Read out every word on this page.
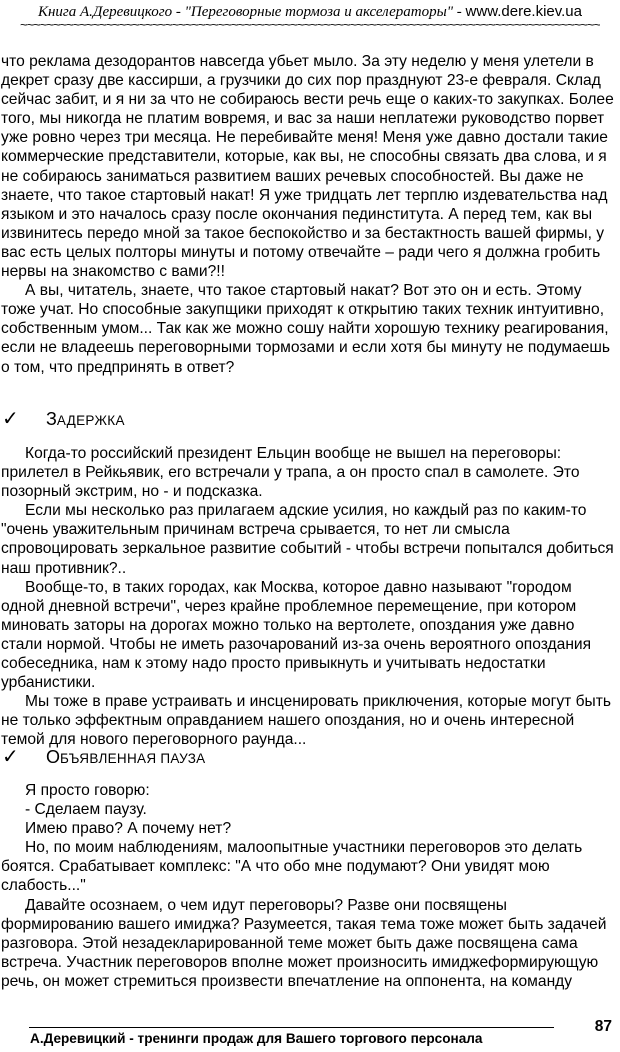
Книга А.Деревицкого - "Переговорные тормоза и акселераторы" - www.dere.kiev.ua
~~~~~~~~~~~~~~~~~~~~~~~~~~~~~~~~~~~~~~~~~~~~~~~~~~~~~~~~~~~~~~~~~~~~~~~~~~~~~~~~~~~~~~~~

что реклама дезодорантов навсегда убьет мыло. За эту неделю у меня улетели в декрет сразу две кассирши, а грузчики до сих пор празднуют 23-е февраля. Склад сейчас забит, и я ни за что не собираюсь вести речь еще о каких-то закупках. Более того, мы никогда не платим вовремя, и вас за наши неплатежи руководство порвет уже ровно через три месяца. Не перебивайте меня! Меня уже давно достали такие коммерческие представители, которые, как вы, не способны связать два слова, и я не собираюсь заниматься развитием ваших речевых способностей. Вы даже не знаете, что такое стартовый накат! Я уже тридцать лет терплю издевательства над языком и это началось сразу после окончания пединститута. А перед тем, как вы извинитесь передо мной за такое беспокойство и за бестактность вашей фирмы, у вас есть целых полторы минуты и потому отвечайте – ради чего я должна гробить нервы на знакомство с вами?!!

А вы, читатель, знаете, что такое стартовый накат? Вот это он и есть. Этому тоже учат. Но способные закупщики приходят к открытию таких техник интуитивно, собственным умом... Так как же можно сошу найти хорошую технику реагирования, если не владеешь переговорными тормозами и если хотя бы минуту не подумаешь о том, что предпринять в ответ?

✓	ЗАДЕРЖКА

Когда-то российский президент Ельцин вообще не вышел на переговоры: прилетел в Рейкьявик, его встречали у трапа, а он просто спал в самолете. Это позорный экстрим, но - и подсказка.

Если мы несколько раз прилагаем адские усилия, но каждый раз по каким-то "очень уважительным причинам встреча срывается, то нет ли смысла спровоцировать зеркальное развитие событий - чтобы встречи попытался добиться наш противник?..

Вообще-то, в таких городах, как Москва, которое давно называют "городом одной дневной встречи", через крайне проблемное перемещение, при котором миновать заторы на дорогах можно только на вертолете, опоздания уже давно стали нормой. Чтобы не иметь разочарований из-за очень вероятного опоздания собеседника, нам к этому надо просто привыкнуть и учитывать недостатки урбанистики.

Мы тоже в праве устраивать и инсценировать приключения, которые могут быть не только эффектным оправданием нашего опоздания, но и очень интересной темой для нового переговорного раунда...

✓	ОБЪЯВЛЕННАЯ ПАУЗА

Я просто говорю:

- Сделаем паузу.

Имею право? А почему нет?

Но, по моим наблюдениям, малоопытные участники переговоров это делать боятся. Срабатывает комплекс: "А что обо мне подумают? Они увидят мою слабость..."

Давайте осознаем, о чем идут переговоры? Разве они посвящены формированию вашего имиджа? Разумеется, такая тема тоже может быть задачей разговора. Этой незадекларированной теме может быть даже посвящена сама встреча. Участник переговоров вполне может произносить имиджеформирующую речь, он может стремиться произвести впечатление на оппонента, на команду

87
А.Деревицкий - тренинги продаж для Вашего торгового персонала
